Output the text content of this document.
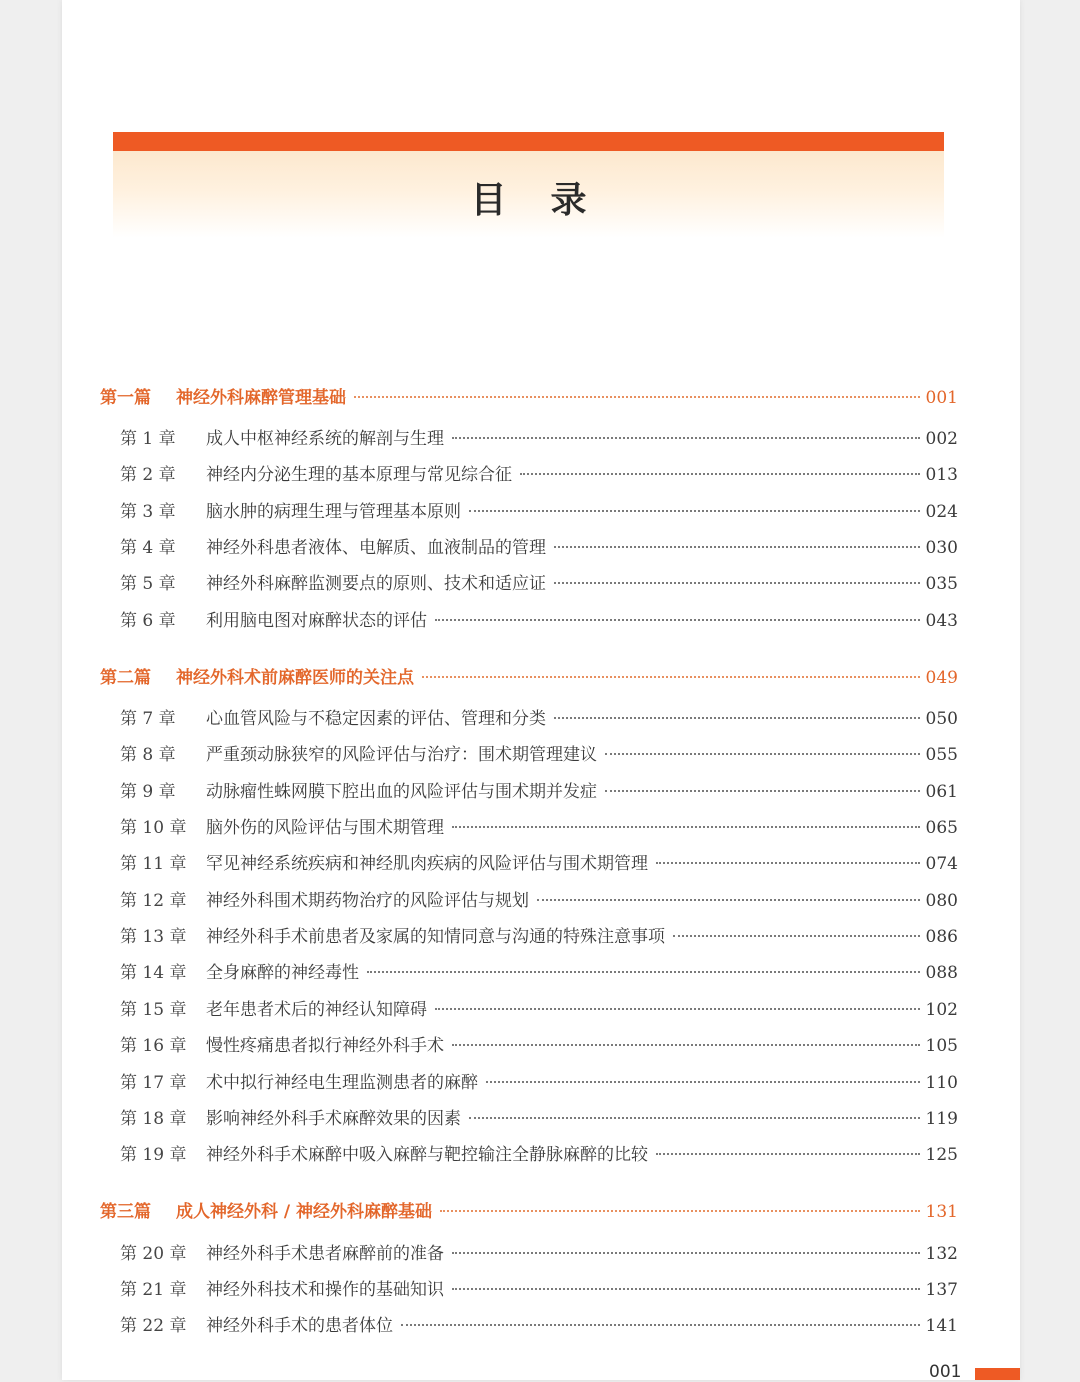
目录
第一篇	神经外科麻醉管理基础	001
第 1 章	成人中枢神经系统的解剖与生理	002
第 2 章	神经内分泌生理的基本原理与常见综合征	013
第 3 章	脑水肿的病理生理与管理基本原则	024
第 4 章	神经外科患者液体、电解质、血液制品的管理	030
第 5 章	神经外科麻醉监测要点的原则、技术和适应证	035
第 6 章	利用脑电图对麻醉状态的评估	043
第二篇	神经外科术前麻醉医师的关注点	049
第 7 章	心血管风险与不稳定因素的评估、管理和分类	050
第 8 章	严重颈动脉狭窄的风险评估与治疗：围术期管理建议	055
第 9 章	动脉瘤性蛛网膜下腔出血的风险评估与围术期并发症	061
第 10 章	脑外伤的风险评估与围术期管理	065
第 11 章	罕见神经系统疾病和神经肌肉疾病的风险评估与围术期管理	074
第 12 章	神经外科围术期药物治疗的风险评估与规划	080
第 13 章	神经外科手术前患者及家属的知情同意与沟通的特殊注意事项	086
第 14 章	全身麻醉的神经毒性	088
第 15 章	老年患者术后的神经认知障碍	102
第 16 章	慢性疼痛患者拟行神经外科手术	105
第 17 章	术中拟行神经电生理监测患者的麻醉	110
第 18 章	影响神经外科手术麻醉效果的因素	119
第 19 章	神经外科手术麻醉中吸入麻醉与靶控输注全静脉麻醉的比较	125
第三篇	成人神经外科 / 神经外科麻醉基础	131
第 20 章	神经外科手术患者麻醉前的准备	132
第 21 章	神经外科技术和操作的基础知识	137
第 22 章	神经外科手术的患者体位	141
001
